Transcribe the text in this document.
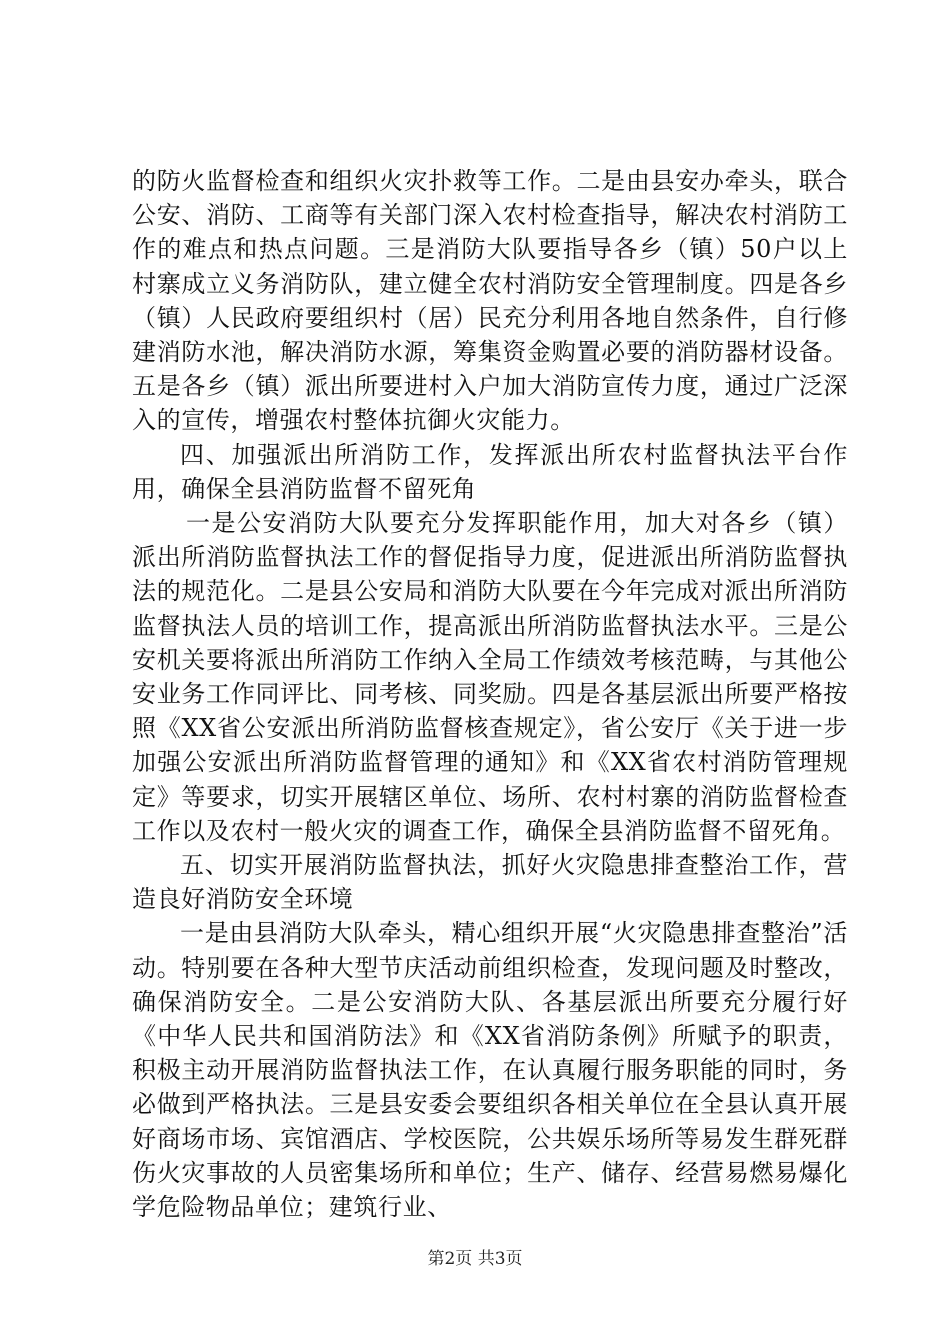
的防火监督检查和组织火灾扑救等工作。二是由县安办牵头，联合公安、消防、工商等有关部门深入农村检查指导，解决农村消防工作的难点和热点问题。三是消防大队要指导各乡（镇）50户以上村寨成立义务消防队，建立健全农村消防安全管理制度。四是各乡（镇）人民政府要组织村（居）民充分利用各地自然条件，自行修建消防水池，解决消防水源，筹集资金购置必要的消防器材设备。五是各乡（镇）派出所要进村入户加大消防宣传力度，通过广泛深入的宣传，增强农村整体抗御火灾能力。

四、加强派出所消防工作，发挥派出所农村监督执法平台作用，确保全县消防监督不留死角

一是公安消防大队要充分发挥职能作用，加大对各乡（镇）派出所消防监督执法工作的督促指导力度，促进派出所消防监督执法的规范化。二是县公安局和消防大队要在今年完成对派出所消防监督执法人员的培训工作，提高派出所消防监督执法水平。三是公安机关要将派出所消防工作纳入全局工作绩效考核范畴，与其他公安业务工作同评比、同考核、同奖励。四是各基层派出所要严格按照《XX省公安派出所消防监督核查规定》，省公安厅《关于进一步加强公安派出所消防监督管理的通知》和《XX省农村消防管理规定》等要求，切实开展辖区单位、场所、农村村寨的消防监督检查工作以及农村一般火灾的调查工作，确保全县消防监督不留死角。

五、切实开展消防监督执法，抓好火灾隐患排查整治工作，营造良好消防安全环境

一是由县消防大队牵头，精心组织开展“火灾隐患排查整治”活动。特别要在各种大型节庆活动前组织检查，发现问题及时整改，确保消防安全。二是公安消防大队、各基层派出所要充分履行好《中华人民共和国消防法》和《XX省消防条例》所赋予的职责，积极主动开展消防监督执法工作，在认真履行服务职能的同时，务必做到严格执法。三是县安委会要组织各相关单位在全县认真开展好商场市场、宾馆酒店、学校医院，公共娱乐场所等易发生群死群伤火灾事故的人员密集场所和单位；生产、储存、经营易燃易爆化学危险物品单位；建筑行业、

第2页 共3页
